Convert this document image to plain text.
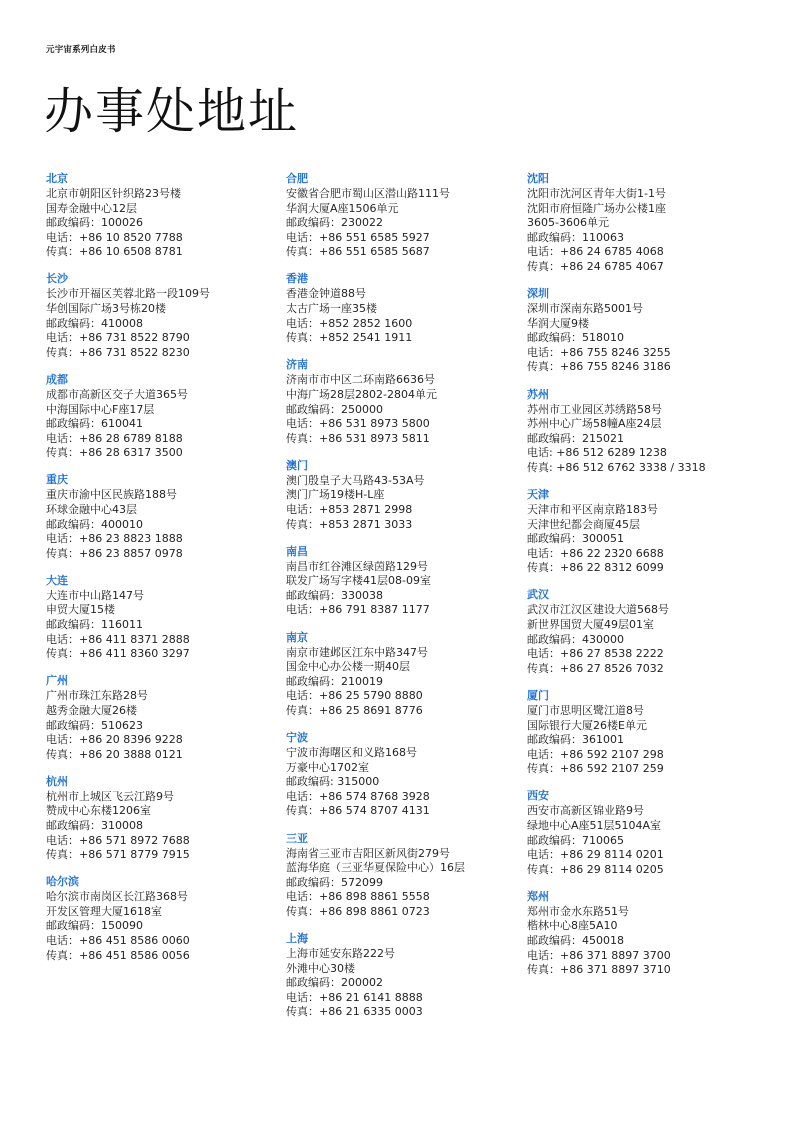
元宇宙系列白皮书
办事处地址
北京
北京市朝阳区针织路23号楼
国寿金融中心12层
邮政编码：100026
电话：+86 10 8520 7788
传真：+86 10 6508 8781
长沙
长沙市开福区芙蓉北路一段109号
华创国际广场3号栋20楼
邮政编码：410008
电话：+86 731 8522 8790
传真：+86 731 8522 8230
成都
成都市高新区交子大道365号
中海国际中心F座17层
邮政编码：610041
电话：+86 28 6789 8188
传真：+86 28 6317 3500
重庆
重庆市渝中区民族路188号
环球金融中心43层
邮政编码：400010
电话：+86 23 8823 1888
传真：+86 23 8857 0978
大连
大连市中山路147号
申贸大厦15楼
邮政编码：116011
电话：+86 411 8371 2888
传真：+86 411 8360 3297
广州
广州市珠江东路28号
越秀金融大厦26楼
邮政编码：510623
电话：+86 20 8396 9228
传真：+86 20 3888 0121
杭州
杭州市上城区飞云江路9号
赞成中心东楼1206室
邮政编码：310008
电话：+86 571 8972 7688
传真：+86 571 8779 7915
哈尔滨
哈尔滨市南岗区长江路368号
开发区管理大厦1618室
邮政编码：150090
电话：+86 451 8586 0060
传真：+86 451 8586 0056
合肥
安徽省合肥市蜀山区潜山路111号
华润大厦A座1506单元
邮政编码：230022
电话：+86 551 6585 5927
传真：+86 551 6585 5687
香港
香港金钟道88号
太古广场一座35楼
电话：+852 2852 1600
传真：+852 2541 1911
济南
济南市市中区二环南路6636号
中海广场28层2802-2804单元
邮政编码：250000
电话：+86 531 8973 5800
传真：+86 531 8973 5811
澳门
澳门殷皇子大马路43-53A号
澳门广场19楼H-L座
电话：+853 2871 2998
传真：+853 2871 3033
南昌
南昌市红谷滩区绿茵路129号
联发广场写字楼41层08-09室
邮政编码：330038
电话：+86 791 8387 1177
南京
南京市建邺区江东中路347号
国金中心办公楼一期40层
邮政编码：210019
电话：+86 25 5790 8880
传真：+86 25 8691 8776
宁波
宁波市海曙区和义路168号
万豪中心1702室
邮政编码: 315000
电话：+86 574 8768 3928
传真：+86 574 8707 4131
三亚
海南省三亚市吉阳区新风街279号
蓝海华庭（三亚华夏保险中心）16层
邮政编码：572099
电话：+86 898 8861 5558
传真：+86 898 8861 0723
上海
上海市延安东路222号
外滩中心30楼
邮政编码：200002
电话：+86 21 6141 8888
传真：+86 21 6335 0003
沈阳
沈阳市沈河区青年大街1-1号
沈阳市府恒隆广场办公楼1座
3605-3606单元
邮政编码：110063
电话：+86 24 6785 4068
传真：+86 24 6785 4067
深圳
深圳市深南东路5001号
华润大厦9楼
邮政编码：518010
电话：+86 755 8246 3255
传真：+86 755 8246 3186
苏州
苏州市工业园区苏绣路58号
苏州中心广场58幢A座24层
邮政编码：215021
电话: +86 512 6289 1238
传真: +86 512 6762 3338 / 3318
天津
天津市和平区南京路183号
天津世纪都会商厦45层
邮政编码：300051
电话：+86 22 2320 6688
传真：+86 22 8312 6099
武汉
武汉市江汉区建设大道568号
新世界国贸大厦49层01室
邮政编码：430000
电话：+86 27 8538 2222
传真：+86 27 8526 7032
厦门
厦门市思明区鹭江道8号
国际银行大厦26楼E单元
邮政编码：361001
电话：+86 592 2107 298
传真：+86 592 2107 259
西安
西安市高新区锦业路9号
绿地中心A座51层5104A室
邮政编码：710065
电话：+86 29 8114 0201
传真：+86 29 8114 0205
郑州
郑州市金水东路51号
楷林中心8座5A10
邮政编码：450018
电话：+86 371 8897 3700
传真：+86 371 8897 3710
